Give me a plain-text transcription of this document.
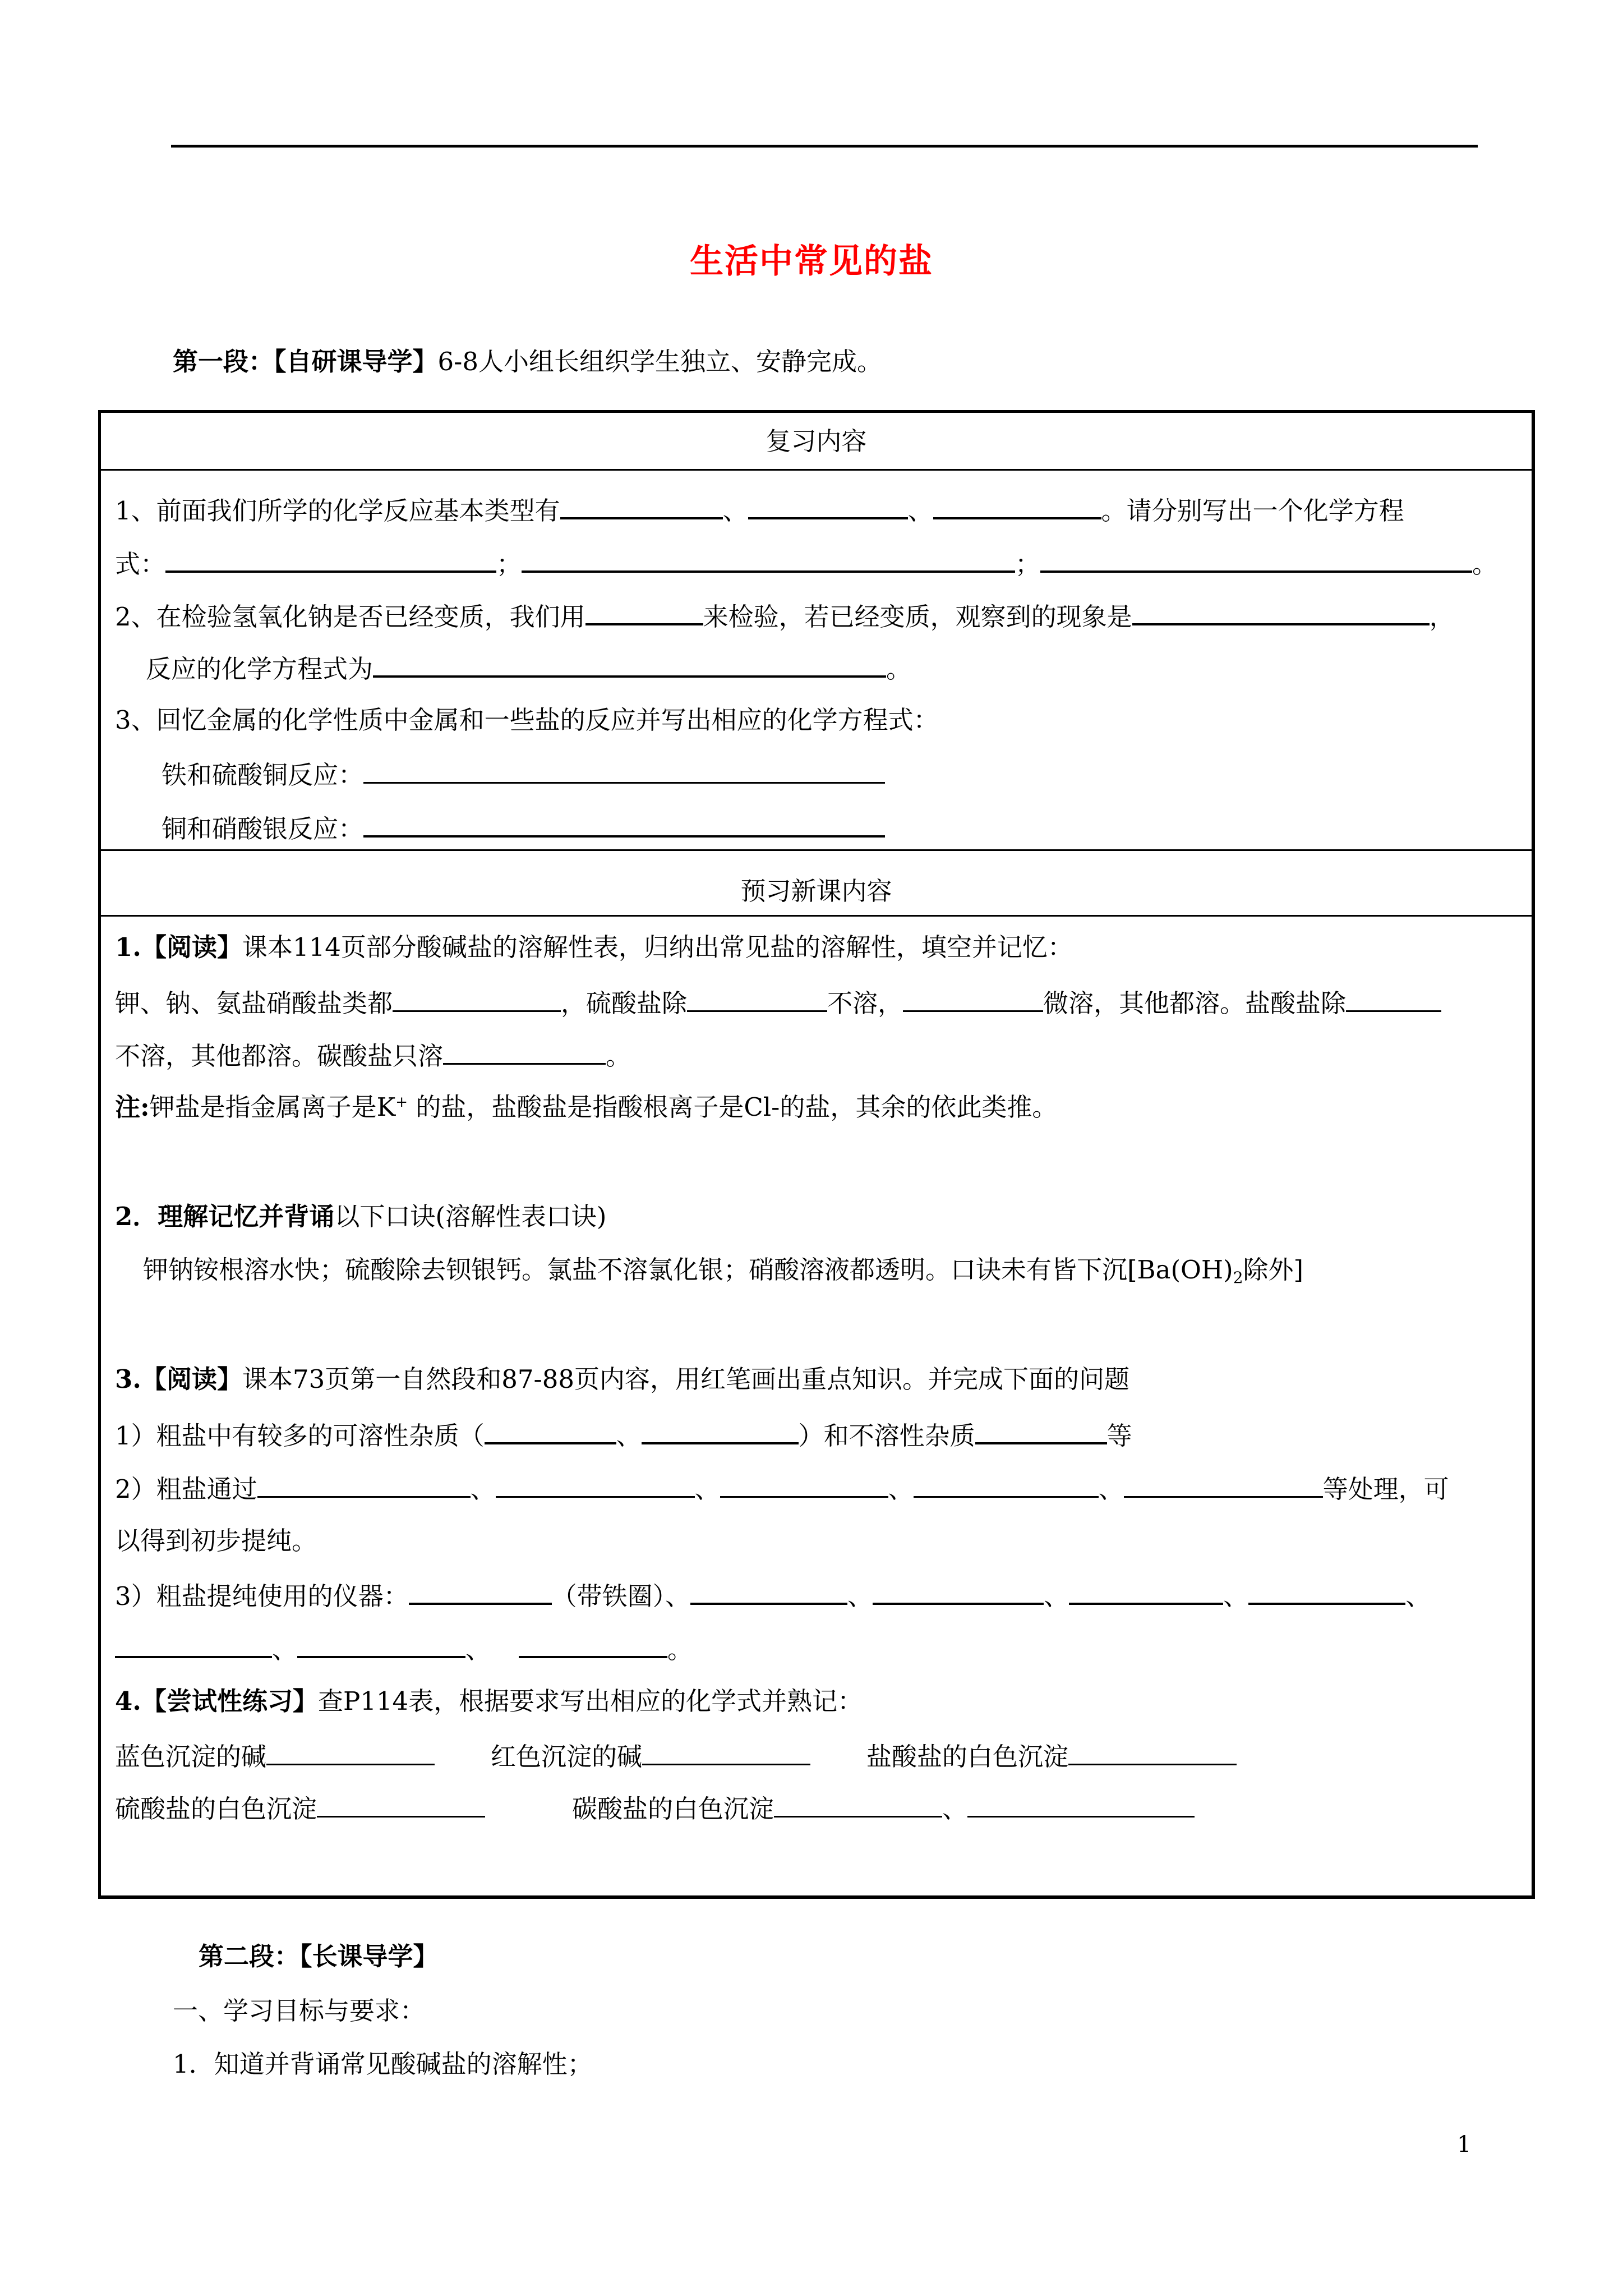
生活中常见的盐
第一段：【自研课导学】6-8人小组长组织学生独立、安静完成。
复习内容
1、前面我们所学的化学反应基本类型有	、	、	。请分别写出一个化学方程
式：	；	；	。
2、在检验氢氧化钠是否已经变质，我们用	来检验，若已经变质，观察到的现象是	，
反应的化学方程式为	。
3、回忆金属的化学性质中金属和一些盐的反应并写出相应的化学方程式：
铁和硫酸铜反应：
铜和硝酸银反应：
预习新课内容
1.【阅读】课本114页部分酸碱盐的溶解性表，归纳出常见盐的溶解性，填空并记忆：
钾、钠、氨盐硝酸盐类都	，硫酸盐除	不溶，	微溶，其他都溶。盐酸盐除
不溶，其他都溶。碳酸盐只溶	。
注:钾盐是指金属离子是K+ 的盐，盐酸盐是指酸根离子是Cl-的盐，其余的依此类推。
2．理解记忆并背诵以下口诀(溶解性表口诀)
钾钠铵根溶水快；硫酸除去钡银钙。氯盐不溶氯化银；硝酸溶液都透明。口诀未有皆下沉[$Ba(OH)_2$除外]
3.【阅读】课本73页第一自然段和87-88页内容，用红笔画出重点知识。并完成下面的问题
1）粗盐中有较多的可溶性杂质（	、	）和不溶性杂质	等
2）粗盐通过	、	、	、	、	等处理，可
以得到初步提纯。
3）粗盐提纯使用的仪器：	（带铁圈）、	、	、	、	、
、	、	。
4.【尝试性练习】查P114表，根据要求写出相应的化学式并熟记：
蓝色沉淀的碱	红色沉淀的碱	盐酸盐的白色沉淀
硫酸盐的白色沉淀	碳酸盐的白色沉淀	、
第二段：【长课导学】
一、学习目标与要求：
1．知道并背诵常见酸碱盐的溶解性；
1
